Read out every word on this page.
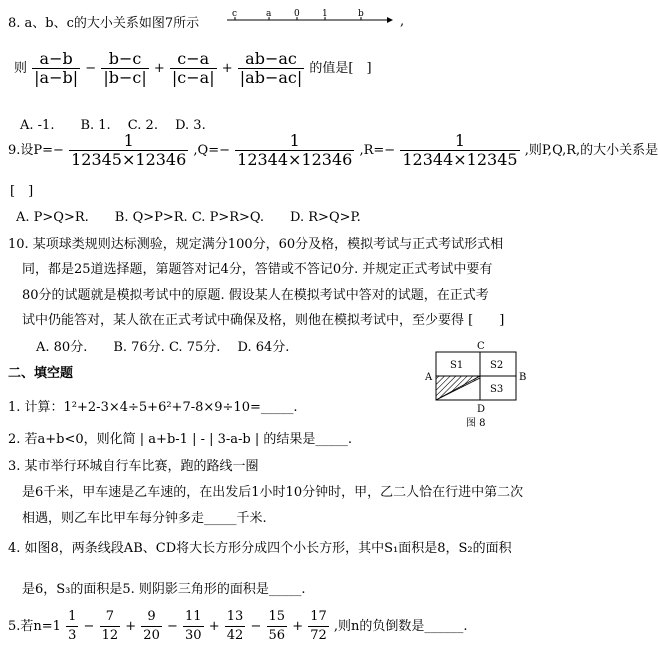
8. a、b、c的大小关系如图7所示
c	a	0 1	b	,
则 $\frac{a-b}{|a-b|} - \frac{b-c}{|b-c|} + \frac{c-a}{|c-a|} + \frac{ab-ac}{|ab-ac|}$ 的值是[　]
A. -1.　　B. 1.　 C. 2.　 D. 3.
9.设$P=- \frac{1}{12345\times 12346} ,Q=- \frac{1}{12344\times 12346} ,R=- \frac{1}{12344\times 12345}$ ,则P,Q,R,的大小关系是
[　]
A. P>Q>R.　　B. Q>P>R. C. P>R>Q.　　D. R>Q>P.
10. 某项球类规则达标测验，规定满分100分，60分及格，模拟考试与正式考试形式相
同，都是25道选择题，第题答对记4分，答错或不答记0分. 并规定正式考试中要有
80分的试题就是模拟考试中的原题. 假设某人在模拟考试中答对的试题，在正式考
试中仍能答对，某人欲在正式考试中确保及格，则他在模拟考试中，至少要得 [　　]
A. 80分.　　B. 76分. C. 75分.　 D. 64分.
二、填空题
C
A	B
D
S1	S2
S3
图 8
1. 计算：1²+2-3×4÷5+6²+7-8×9÷10=_____.
2. 若a+b<0，则化简 | a+b-1 | - | 3-a-b | 的结果是_____.
3. 某市举行环城自行车比赛，跑的路线一圈
是6千米，甲车速是乙车速的，在出发后1小时10分钟时，甲，乙二人恰在行进中第二次
相遇，则乙车比甲车每分钟多走_____千米.
4. 如图8，两条线段AB、CD将大长方形分成四个小长方形，其中S₁面积是8，S₂的面积
是6，S₃的面积是5. 则阴影三角形的面积是_____.
5.若$n=1 \frac{1}{3} - \frac{7}{12} + \frac{9}{20} - \frac{11}{30} + \frac{13}{42} - \frac{15}{56} + \frac{17}{72}$ ,则n的负倒数是______.
